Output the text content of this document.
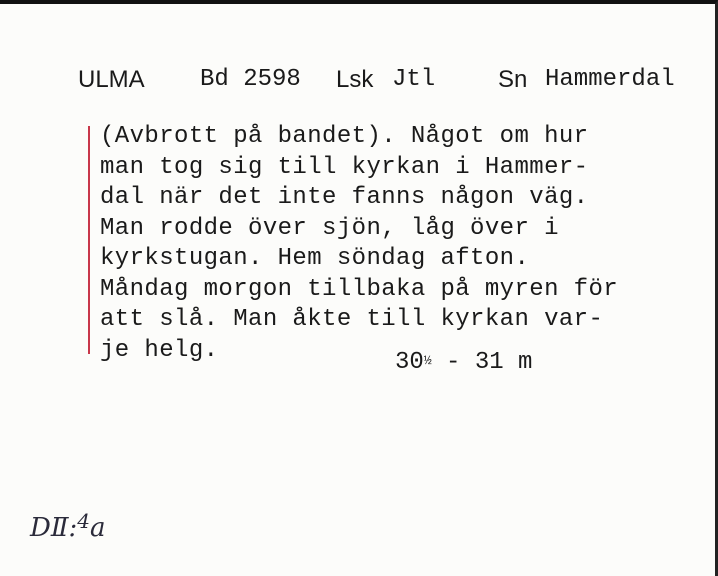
ULMA Bd 2598 Lsk Jtl	Sn Hammerdal
(Avbrott på bandet). Något om hur
man tog sig till kyrkan i Hammer-
dal när det inte fanns någon väg.
Man rodde över sjön, låg över i
kyrkstugan. Hem söndag afton.
Måndag morgon tillbaka på myren för
att slå. Man åkte till kyrkan var-
je helg.	30½ - 31 m
DⅡ:$^4$a
